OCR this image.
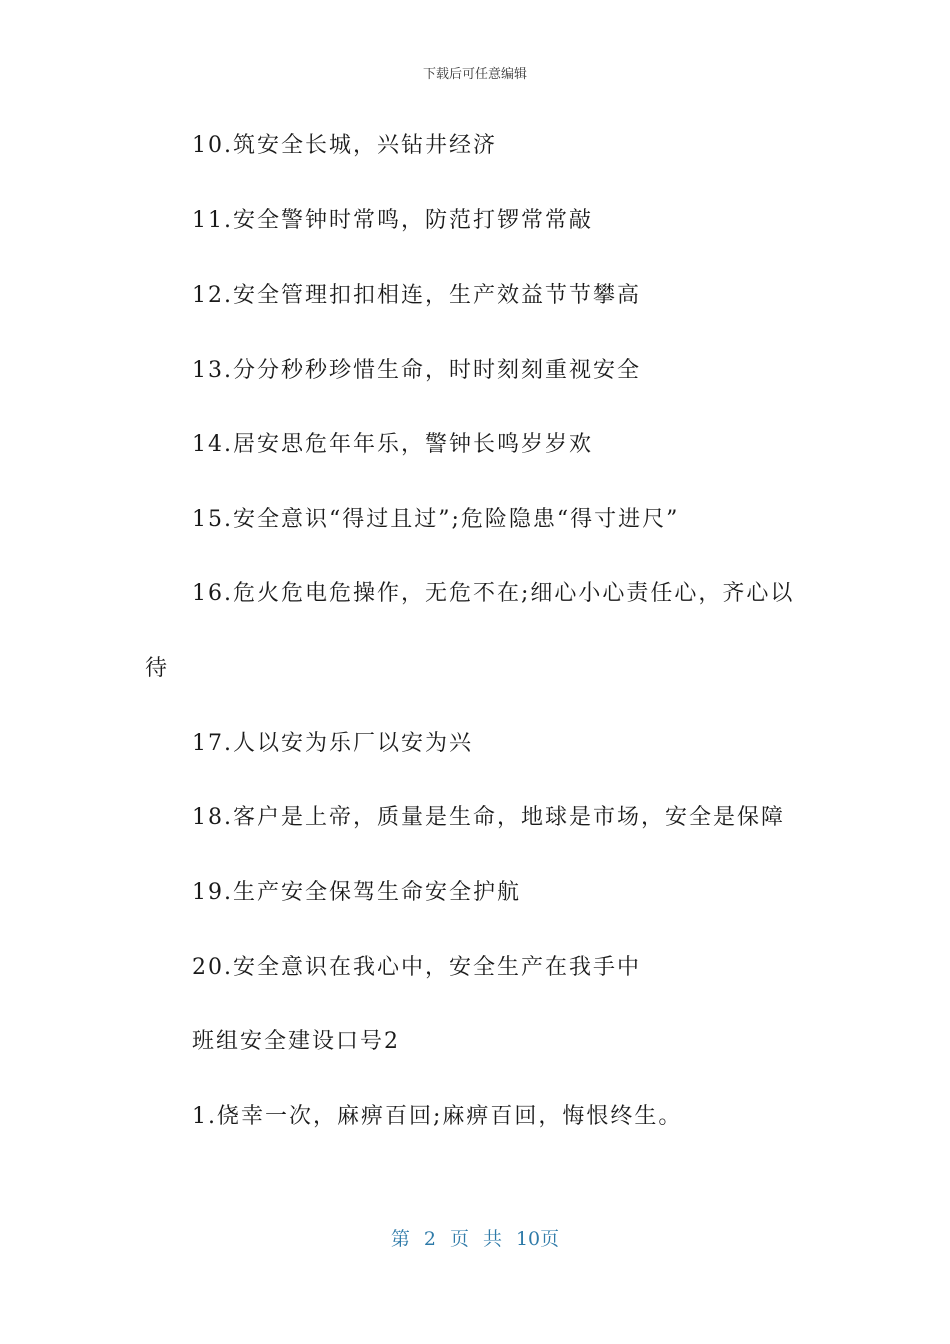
下载后可任意编辑
10.筑安全长城，兴钻井经济
11.安全警钟时常鸣，防范打锣常常敲
12.安全管理扣扣相连，生产效益节节攀高
13.分分秒秒珍惜生命，时时刻刻重视安全
14.居安思危年年乐，警钟长鸣岁岁欢
15.安全意识“得过且过”;危险隐患“得寸进尺”
16.危火危电危操作，无危不在;细心小心责任心，齐心以
待
17.人以安为乐厂以安为兴
18.客户是上帝，质量是生命，地球是市场，安全是保障
19.生产安全保驾生命安全护航
20.安全意识在我心中，安全生产在我手中
班组安全建设口号2
1.侥幸一次，麻痹百回;麻痹百回，悔恨终生。
第 2 页 共 10页
